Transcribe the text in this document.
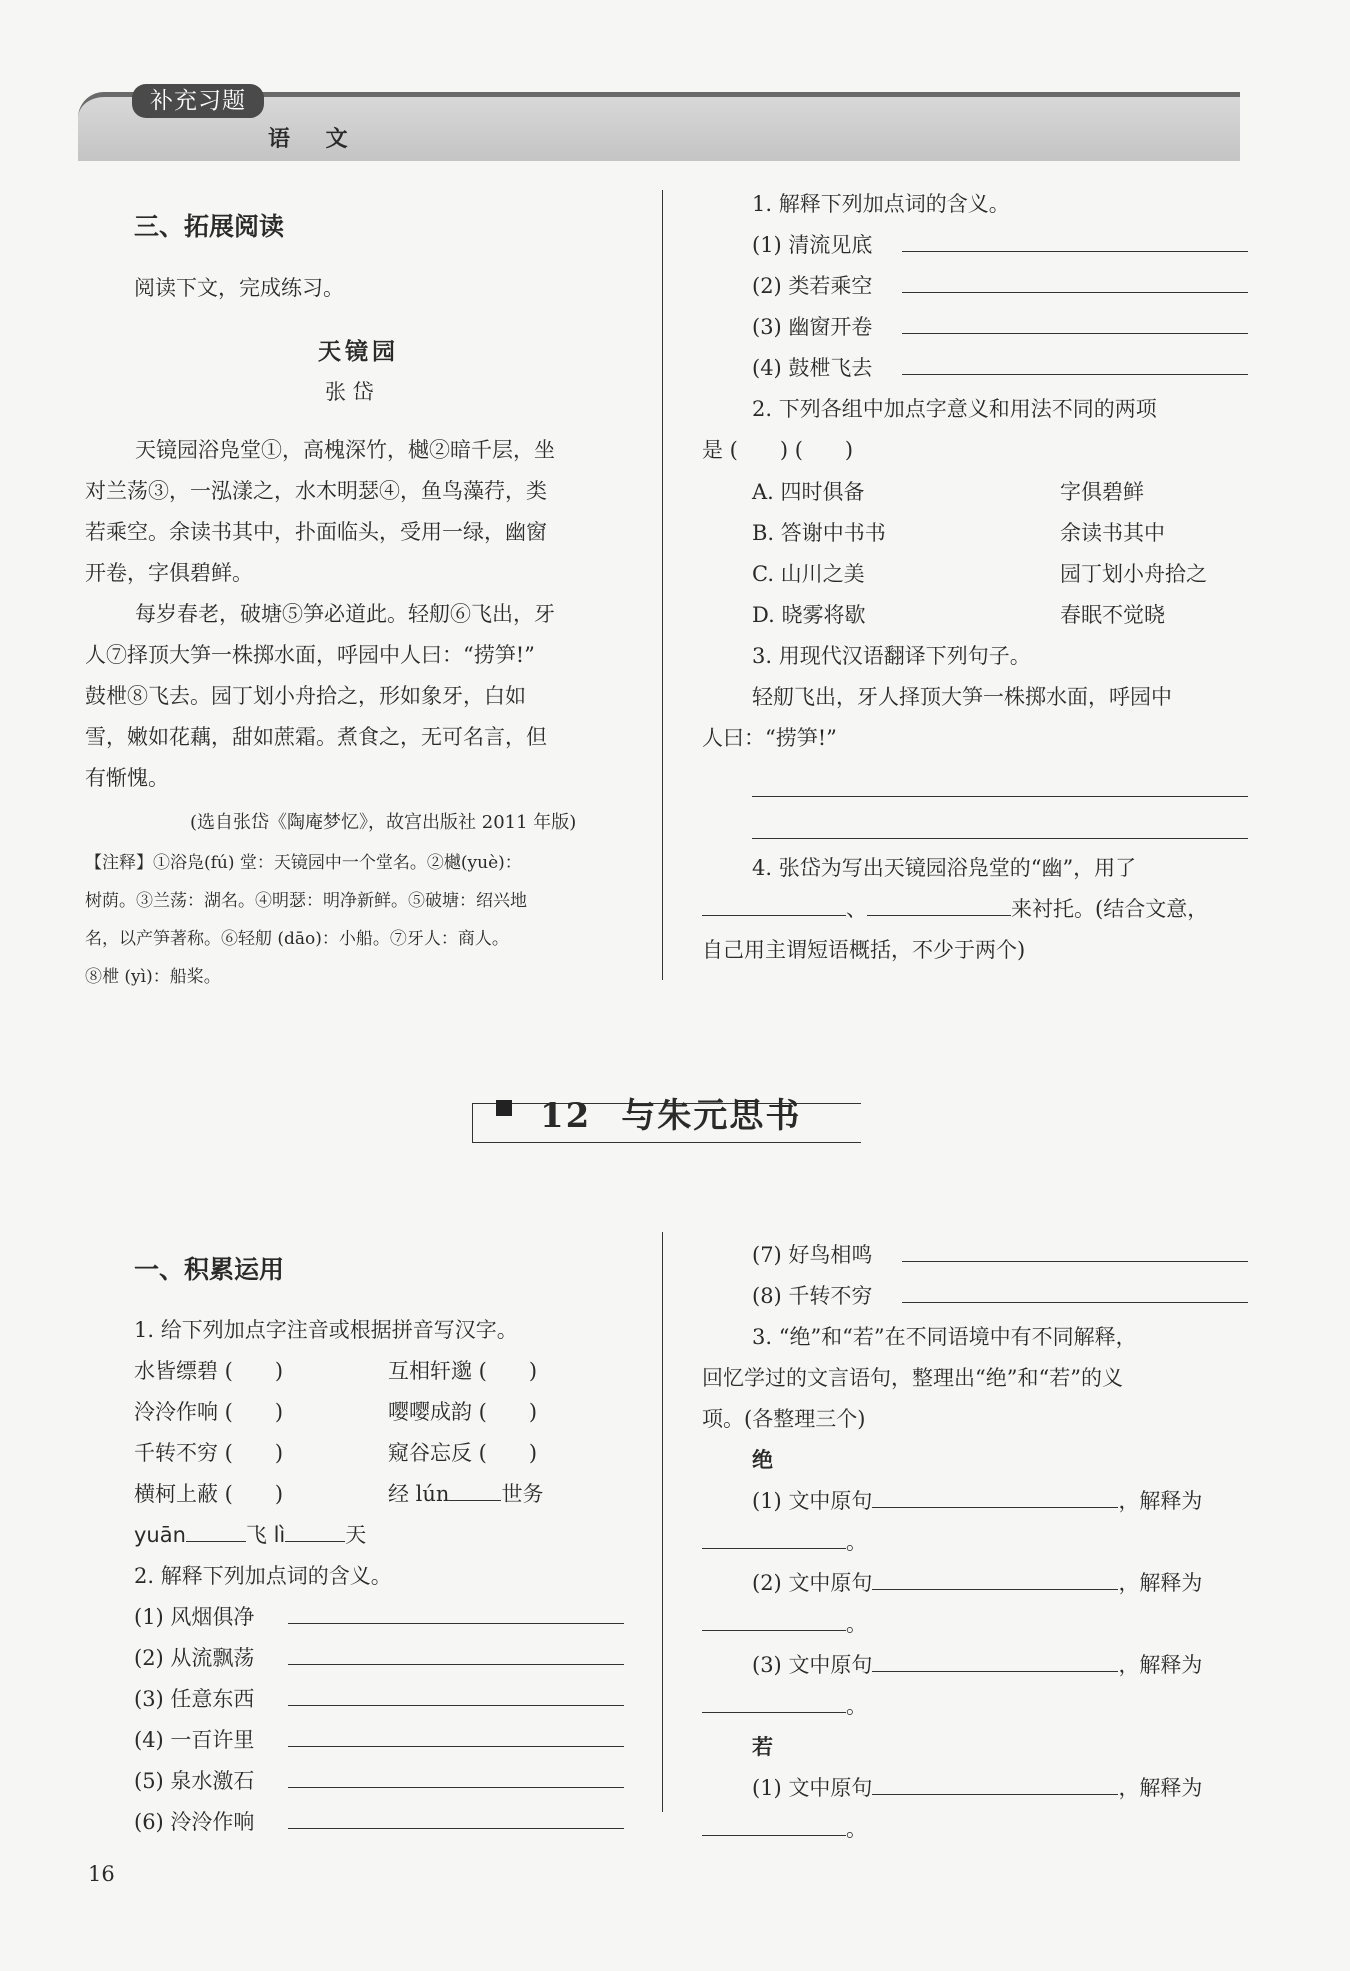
补充习题
语 文
三、拓展阅读
阅读下文，完成练习。
天镜园
张 岱
天镜园浴凫堂①，高槐深竹，樾②暗千层，坐
对兰荡③，一泓漾之，水木明瑟④，鱼鸟藻荇，类
若乘空。余读书其中，扑面临头，受用一绿，幽窗
开卷，字俱碧鲜。
每岁春老，破塘⑤笋必道此。轻舠⑥飞出，牙
人⑦择顶大笋一株掷水面，呼园中人曰：“捞笋!”
鼓枻⑧飞去。园丁划小舟拾之，形如象牙，白如
雪，嫩如花藕，甜如蔗霜。煮食之，无可名言，但
有惭愧。
(选自张岱《陶庵梦忆》，故宫出版社 2011 年版)
【注释】①浴凫(fú) 堂：天镜园中一个堂名。②樾(yuè)：
树荫。③兰荡：湖名。④明瑟：明净新鲜。⑤破塘：绍兴地
名，以产笋著称。⑥轻舠 (dāo)：小船。⑦牙人：商人。
⑧枻 (yì)：船桨。
1. 解释下列加点词的含义。
(1) 清流见底
(2) 类若乘空
(3) 幽窗开卷
(4) 鼓枻飞去
2. 下列各组中加点字意义和用法不同的两项
是 (　　) (　　)
A. 四时俱备	字俱碧鲜
B. 答谢中书书	余读书其中
C. 山川之美	园丁划小舟拾之
D. 晓雾将歇	春眠不觉晓
3. 用现代汉语翻译下列句子。
轻舠飞出，牙人择顶大笋一株掷水面，呼园中
人曰：“捞笋!”
4. 张岱为写出天镜园浴凫堂的“幽”，用了
、	来衬托。(结合文意，
自己用主谓短语概括，不少于两个)
12 与朱元思书
一、积累运用
1. 给下列加点字注音或根据拼音写汉字。
水皆缥碧 (　　)	互相轩邈 (　　)
泠泠作响 (　　)	嘤嘤成韵 (　　)
千转不穷 (　　)	窥谷忘反 (　　)
横柯上蔽 (　　)	经 lún 世务
yuān	飞 lì	天
2. 解释下列加点词的含义。
(1) 风烟俱净
(2) 从流飘荡
(3) 任意东西
(4) 一百许里
(5) 泉水激石
(6) 泠泠作响
(7) 好鸟相鸣
(8) 千转不穷
3. “绝”和“若”在不同语境中有不同解释，
回忆学过的文言语句，整理出“绝”和“若”的义
项。(各整理三个)
绝
(1) 文中原句	，解释为
。
(2) 文中原句	，解释为
。
(3) 文中原句	，解释为
。
若
(1) 文中原句	，解释为
。
16
